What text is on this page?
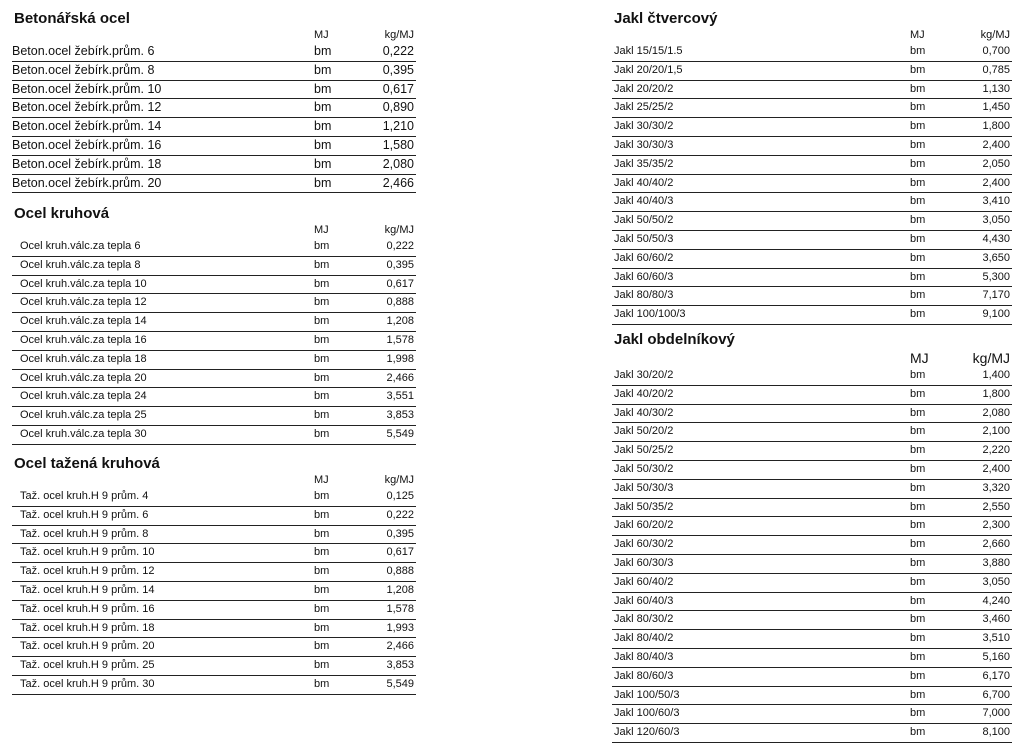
Betonářská ocel
MJ	kg/MJ
Beton.ocel žebírk.prům. 6	bm	0,222
Beton.ocel žebírk.prům. 8	bm	0,395
Beton.ocel žebírk.prům. 10	bm	0,617
Beton.ocel žebírk.prům. 12	bm	0,890
Beton.ocel žebírk.prům. 14	bm	1,210
Beton.ocel žebírk.prům. 16	bm	1,580
Beton.ocel žebírk.prům. 18	bm	2,080
Beton.ocel žebírk.prům. 20	bm	2,466
Ocel kruhová
MJ	kg/MJ
Ocel kruh.válc.za tepla 6	bm	0,222
Ocel kruh.válc.za tepla 8	bm	0,395
Ocel kruh.válc.za tepla 10	bm	0,617
Ocel kruh.válc.za tepla 12	bm	0,888
Ocel kruh.válc.za tepla 14	bm	1,208
Ocel kruh.válc.za tepla 16	bm	1,578
Ocel kruh.válc.za tepla 18	bm	1,998
Ocel kruh.válc.za tepla 20	bm	2,466
Ocel kruh.válc.za tepla 24	bm	3,551
Ocel kruh.válc.za tepla 25	bm	3,853
Ocel kruh.válc.za tepla 30	bm	5,549
Ocel tažená kruhová
MJ	kg/MJ
Taž. ocel kruh.H 9 prům. 4	bm	0,125
Taž. ocel kruh.H 9 prům. 6	bm	0,222
Taž. ocel kruh.H 9 prům. 8	bm	0,395
Taž. ocel kruh.H 9 prům. 10	bm	0,617
Taž. ocel kruh.H 9 prům. 12	bm	0,888
Taž. ocel kruh.H 9 prům. 14	bm	1,208
Taž. ocel kruh.H 9 prům. 16	bm	1,578
Taž. ocel kruh.H 9 prům. 18	bm	1,993
Taž. ocel kruh.H 9 prům. 20	bm	2,466
Taž. ocel kruh.H 9 prům. 25	bm	3,853
Taž. ocel kruh.H 9 prům. 30	bm	5,549
Jakl čtvercový
MJ	kg/MJ
Jakl 15/15/1.5	bm	0,700
Jakl 20/20/1,5	bm	0,785
Jakl 20/20/2	bm	1,130
Jakl 25/25/2	bm	1,450
Jakl 30/30/2	bm	1,800
Jakl 30/30/3	bm	2,400
Jakl 35/35/2	bm	2,050
Jakl 40/40/2	bm	2,400
Jakl 40/40/3	bm	3,410
Jakl 50/50/2	bm	3,050
Jakl 50/50/3	bm	4,430
Jakl 60/60/2	bm	3,650
Jakl 60/60/3	bm	5,300
Jakl 80/80/3	bm	7,170
Jakl 100/100/3	bm	9,100
Jakl obdelníkový
MJ	kg/MJ
Jakl 30/20/2	bm	1,400
Jakl 40/20/2	bm	1,800
Jakl 40/30/2	bm	2,080
Jakl 50/20/2	bm	2,100
Jakl 50/25/2	bm	2,220
Jakl 50/30/2	bm	2,400
Jakl 50/30/3	bm	3,320
Jakl 50/35/2	bm	2,550
Jakl 60/20/2	bm	2,300
Jakl 60/30/2	bm	2,660
Jakl 60/30/3	bm	3,880
Jakl 60/40/2	bm	3,050
Jakl 60/40/3	bm	4,240
Jakl 80/30/2	bm	3,460
Jakl 80/40/2	bm	3,510
Jakl 80/40/3	bm	5,160
Jakl 80/60/3	bm	6,170
Jakl 100/50/3	bm	6,700
Jakl 100/60/3	bm	7,000
Jakl 120/60/3	bm	8,100
